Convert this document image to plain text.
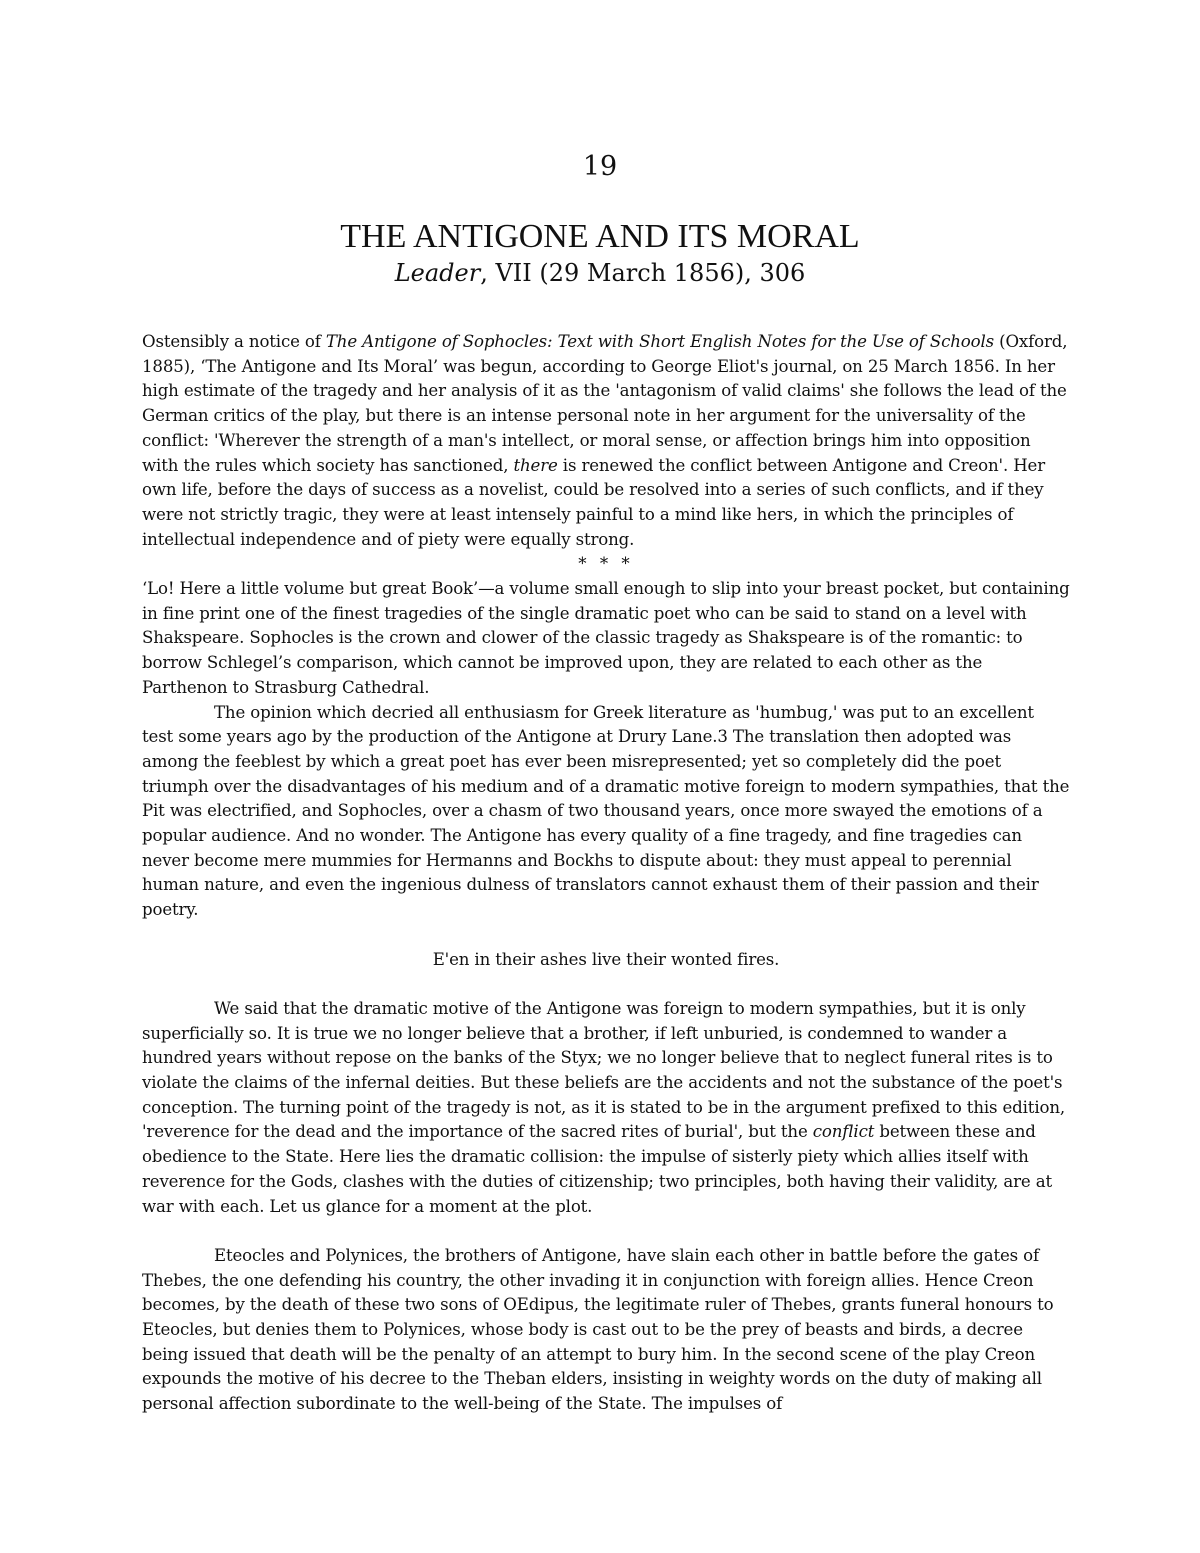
19
THE ANTIGONE AND ITS MORAL
Leader, VII (29 March 1856), 306

Ostensibly a notice of The Antigone of Sophocles: Text with Short English Notes for the Use of Schools (Oxford, 1885), ‘The Antigone and Its Moral’ was begun, according to George Eliot's journal, on 25 March 1856. In her high estimate of the tragedy and her analysis of it as the 'antagonism of valid claims' she follows the lead of the German critics of the play, but there is an intense personal note in her argument for the universality of the conflict: 'Wherever the strength of a man's intellect, or moral sense, or affection brings him into opposition with the rules which society has sanctioned, there is renewed the conflict between Antigone and Creon'. Her own life, before the days of success as a novelist, could be resolved into a series of such conflicts, and if they were not strictly tragic, they were at least intensely painful to a mind like hers, in which the principles of intellectual independence and of piety were equally strong.

* * *

‘Lo! Here a little volume but great Book’—a volume small enough to slip into your breast pocket, but containing in fine print one of the finest tragedies of the single dramatic poet who can be said to stand on a level with Shakspeare. Sophocles is the crown and clower of the classic tragedy as Shakspeare is of the romantic: to borrow Schlegel’s comparison, which cannot be improved upon, they are related to each other as the Parthenon to Strasburg Cathedral.

The opinion which decried all enthusiasm for Greek literature as 'humbug,' was put to an excellent test some years ago by the production of the Antigone at Drury Lane.3 The translation then adopted was among the feeblest by which a great poet has ever been misrepresented; yet so completely did the poet triumph over the disadvantages of his medium and of a dramatic motive foreign to modern sympathies, that the Pit was electrified, and Sophocles, over a chasm of two thousand years, once more swayed the emotions of a popular audience. And no wonder. The Antigone has every quality of a fine tragedy, and fine tragedies can never become mere mummies for Hermanns and Bockhs to dispute about: they must appeal to perennial human nature, and even the ingenious dulness of translators cannot exhaust them of their passion and their poetry.

E'en in their ashes live their wonted fires.

We said that the dramatic motive of the Antigone was foreign to modern sympathies, but it is only superficially so. It is true we no longer believe that a brother, if left unburied, is condemned to wander a hundred years without repose on the banks of the Styx; we no longer believe that to neglect funeral rites is to violate the claims of the infernal deities. But these beliefs are the accidents and not the substance of the poet's conception. The turning point of the tragedy is not, as it is stated to be in the argument prefixed to this edition, 'reverence for the dead and the importance of the sacred rites of burial', but the conflict between these and obedience to the State. Here lies the dramatic collision: the impulse of sisterly piety which allies itself with reverence for the Gods, clashes with the duties of citizenship; two principles, both having their validity, are at war with each. Let us glance for a moment at the plot.

Eteocles and Polynices, the brothers of Antigone, have slain each other in battle before the gates of Thebes, the one defending his country, the other invading it in conjunction with foreign allies. Hence Creon becomes, by the death of these two sons of OEdipus, the legitimate ruler of Thebes, grants funeral honours to Eteocles, but denies them to Polynices, whose body is cast out to be the prey of beasts and birds, a decree being issued that death will be the penalty of an attempt to bury him. In the second scene of the play Creon expounds the motive of his decree to the Theban elders, insisting in weighty words on the duty of making all personal affection subordinate to the well-being of the State. The impulses of
